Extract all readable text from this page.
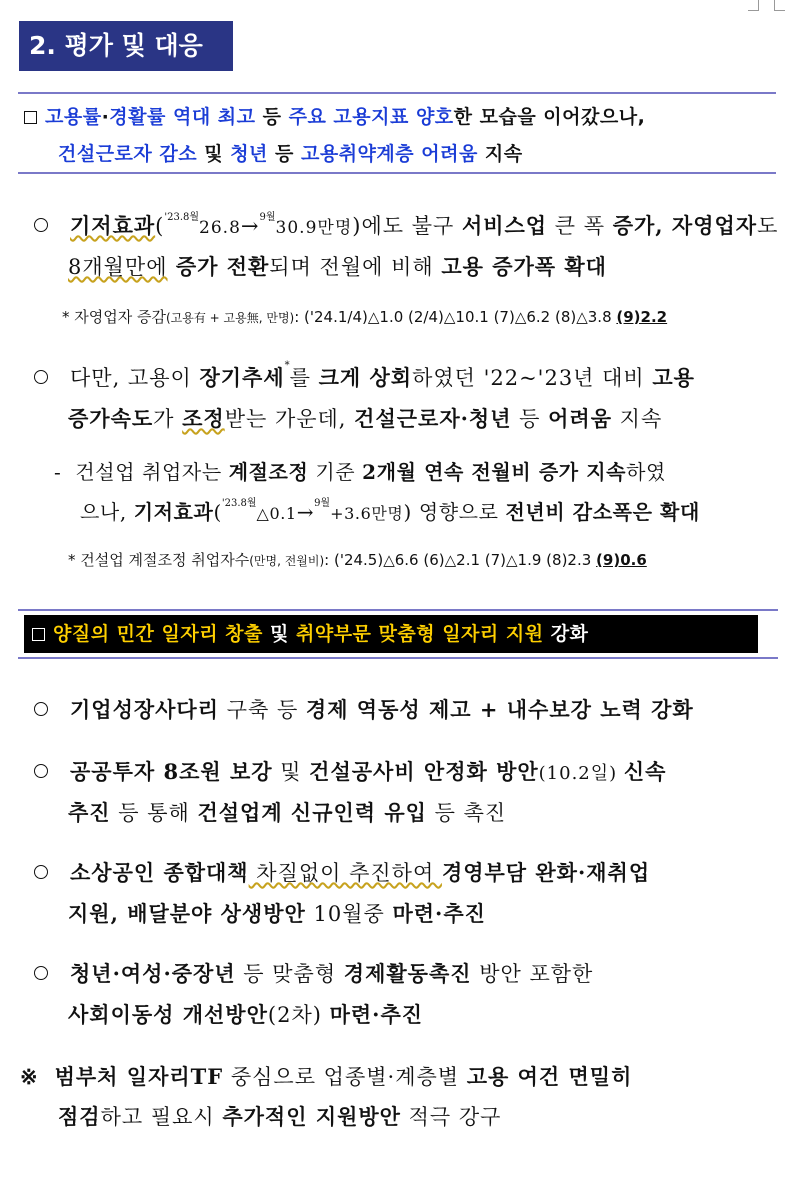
2. 평가 및 대응
고용률·경활률 역대 최고 등 주요 고용지표 양호한 모습을 이어갔으나,
건설근로자 감소 및 청년 등 고용취약계층 어려움 지속
기저효과($^{'23.8월}$26.8→$^{9월}$30.9만명)에도 불구 서비스업 큰 폭 증가, 자영업자도
8개월만에 증가 전환되며 전월에 비해 고용 증가폭 확대
* 자영업자 증감(고용有 + 고용無, 만명): ('24.1/4)△1.0 (2/4)△10.1 (7)△6.2 (8)△3.8 (9)2.2
다만, 고용이 장기추세*를 크게 상회하였던 '22~'23년 대비 고용
증가속도가 조정받는 가운데, 건설근로자·청년 등 어려움 지속
- 건설업 취업자는 계절조정 기준 2개월 연속 전월비 증가 지속하였
으나, 기저효과($^{'23.8월}$△0.1→$^{9월}$+3.6만명) 영향으로 전년비 감소폭은 확대
* 건설업 계절조정 취업자수(만명, 전월비): ('24.5)△6.6 (6)△2.1 (7)△1.9 (8)2.3 (9)0.6
양질의 민간 일자리 창출 및 취약부문 맞춤형 일자리 지원 강화
기업성장사다리 구축 등 경제 역동성 제고 + 내수보강 노력 강화
공공투자 8조원 보강 및 건설공사비 안정화 방안(10.2일) 신속
추진 등 통해 건설업계 신규인력 유입 등 촉진
소상공인 종합대책 차질없이 추진하여 경영부담 완화·재취업
지원, 배달분야 상생방안 10월중 마련·추진
청년·여성·중장년 등 맞춤형 경제활동촉진 방안 포함한
사회이동성 개선방안(2차) 마련·추진
※ 범부처 일자리TF 중심으로 업종별·계층별 고용 여건 면밀히
점검하고 필요시 추가적인 지원방안 적극 강구
